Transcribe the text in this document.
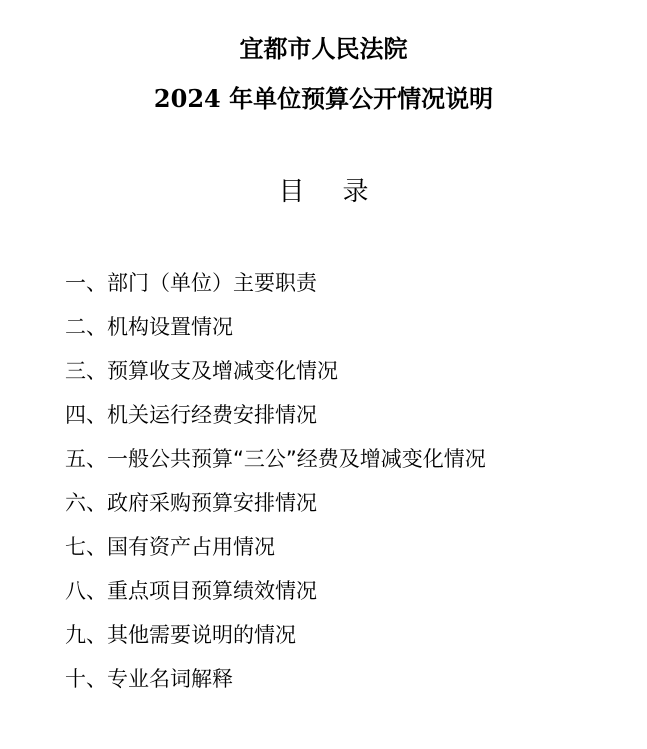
宜都市人民法院
2024 年单位预算公开情况说明
目录
一、部门（单位）主要职责
二、机构设置情况
三、预算收支及增减变化情况
四、机关运行经费安排情况
五、一般公共预算“三公”经费及增减变化情况
六、政府采购预算安排情况
七、国有资产占用情况
八、重点项目预算绩效情况
九、其他需要说明的情况
十、专业名词解释
